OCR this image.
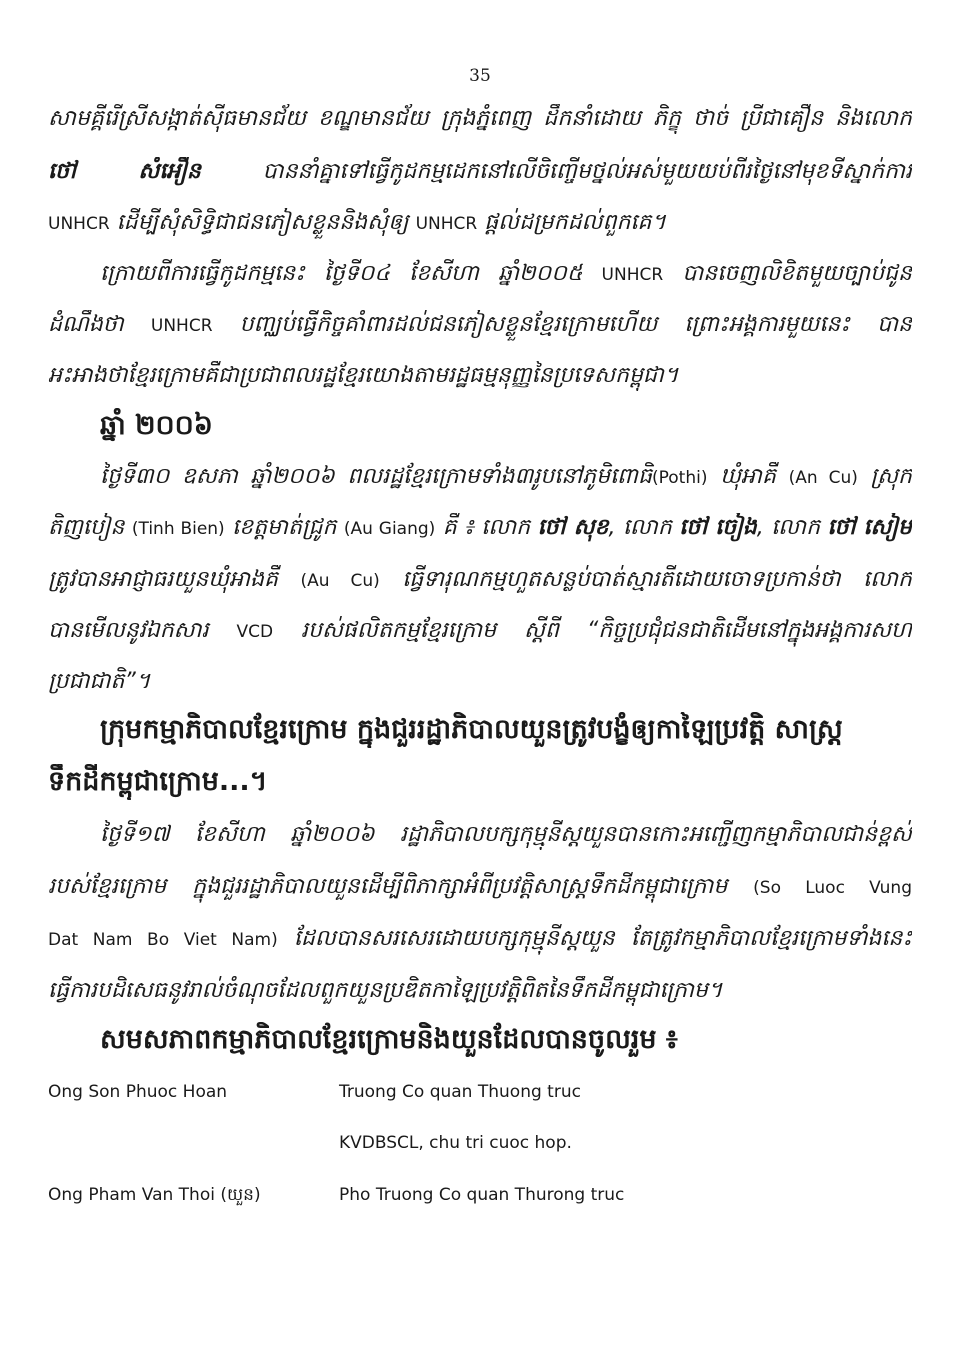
35
សាមគ្គីរើស្រីសង្កាត់ស៊ីធមានជ័យ ខណ្ឌមានជ័យ ក្រុងភ្នំពេញ ដឹកនាំដោយ ភិក្ខុ ថាច់ ប្រីជាគឿន និងលោក
ថៅ សំអឿន	បាននាំគ្នាទៅធ្វើកូដកម្មដេកនៅលើចិញ្ចើមថ្នល់អស់មួយយប់ពីរថ្ងៃនៅមុខទីស្នាក់ការ
UNHCR ដើម្បីសុំសិទ្ធិជាជនភៀសខ្លួននិងសុំឲ្យ UNHCR ផ្ដល់ដម្រកដល់ពួកគេ។
ក្រោយពីការធ្វើកូដកម្មនេះ ថ្ងៃទី០៤ ខែសីហា ឆ្នាំ២០០៥ UNHCR បានចេញលិខិតមួយច្បាប់ជូន
ដំណឹងថា UNHCR បញ្ឈប់ធ្វើកិច្ចគាំពារដល់ជនភៀសខ្លួនខ្មែរក្រោមហើយ ព្រោះអង្គការមួយនេះ បាន
អះអាងថាខ្មែរក្រោមគឺជាប្រជាពលរដ្ឋខ្មែរយោងតាមរដ្ឋធម្មនុញ្ញនៃប្រទេសកម្ពុជា។
ឆ្នាំ ២០០៦
ថ្ងៃទី៣០ ឧសភា ឆ្នាំ២០០៦ ពលរដ្ឋខ្មែរក្រោមទាំង៣រូបនៅភូមិពោធិ(Pothi) ឃុំអាគឺ (An Cu) ស្រុក
តិញបៀន (Tinh Bien) ខេត្តមាត់ជ្រូក (Au Giang) គឺ ៖ លោក ថៅ សុខ, លោក ថៅ ចៀង, លោក ថៅ សៀម
ត្រូវបានអាជ្ញាធរយួនឃុំអាងគឺ (Au Cu) ធ្វើទារុណកម្មហួតសន្លប់បាត់ស្មារតីដោយចោទប្រកាន់ថា លោក
បានមើលនូវឯកសារ VCD របស់ផលិតកម្មខ្មែរក្រោម ស្ដីពី “កិច្ចប្រជុំជនជាតិដើមនៅក្នុងអង្គការសហ
ប្រជាជាតិ”។
ក្រុមកម្មាភិបាលខ្មែរក្រោម ក្នុងជួររដ្ឋាភិបាលយួនត្រូវបង្ខំឲ្យកាឡៃប្រវត្តិ សាស្ត្រ
ទឹកដីកម្ពុជាក្រោម...។
ថ្ងៃទី១៧ ខែសីហា ឆ្នាំ២០០៦ រដ្ឋាភិបាលបក្សកុម្មុនីស្ដយួនបានកោះអញ្ជើញកម្មាភិបាលជាន់ខ្ពស់
របស់ខ្មែរក្រោម ក្នុងជួររដ្ឋាភិបាលយួនដើម្បីពិភាក្សាអំពីប្រវត្តិសាស្ត្រទឹកដីកម្ពុជាក្រោម (So Luoc Vung
Dat Nam Bo Viet Nam) ដែលបានសរសេរដោយបក្សកុម្មុនីស្ដយួន តែត្រូវកម្មាភិបាលខ្មែរក្រោមទាំងនេះ
ធ្វើការបដិសេធនូវរាល់ចំណុចដែលពួកយួនប្រឌិតកាឡៃប្រវត្តិពិតនៃទឹកដីកម្ពុជាក្រោម។
សមសភាពកម្មាភិបាលខ្មែរក្រោមនិងយួនដែលបានចូលរួម ៖
Ong Son Phuoc Hoan	Truong Co quan Thuong truc
KVDBSCL, chu tri cuoc hop.
Ong Pham Van Thoi (យួន)	Pho Truong Co quan Thurong truc
